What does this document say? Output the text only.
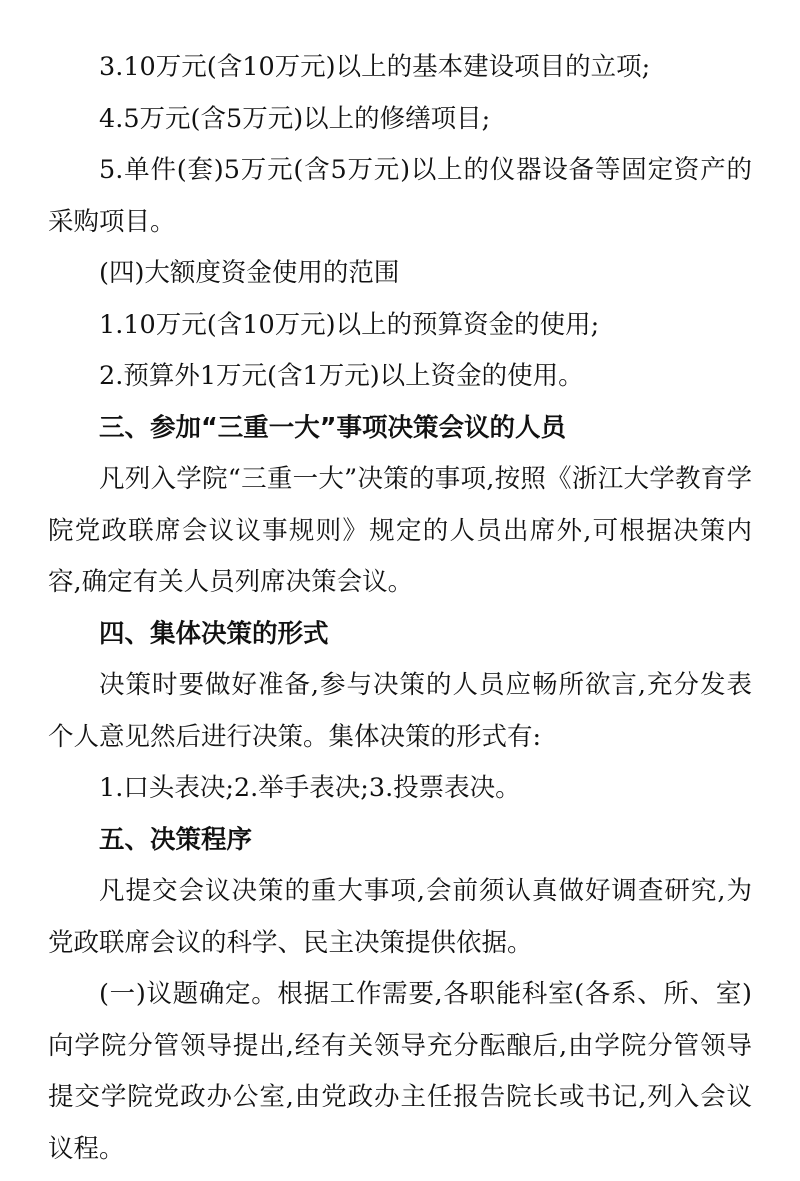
3.10万元(含10万元)以上的基本建设项目的立项;

4.5万元(含5万元)以上的修缮项目;

5.单件(套)5万元(含5万元)以上的仪器设备等固定资产的采购项目。

(四)大额度资金使用的范围

1.10万元(含10万元)以上的预算资金的使用;

2.预算外1万元(含1万元)以上资金的使用。

三、参加“三重一大”事项决策会议的人员

凡列入学院“三重一大”决策的事项,按照《浙江大学教育学院党政联席会议议事规则》规定的人员出席外,可根据决策内容,确定有关人员列席决策会议。

四、集体决策的形式

决策时要做好准备,参与决策的人员应畅所欲言,充分发表个人意见然后进行决策。集体决策的形式有:

1.口头表决;2.举手表决;3.投票表决。

五、决策程序

凡提交会议决策的重大事项,会前须认真做好调查研究,为党政联席会议的科学、民主决策提供依据。

(一)议题确定。根据工作需要,各职能科室(各系、所、室)向学院分管领导提出,经有关领导充分酝酿后,由学院分管领导提交学院党政办公室,由党政办主任报告院长或书记,列入会议议程。
